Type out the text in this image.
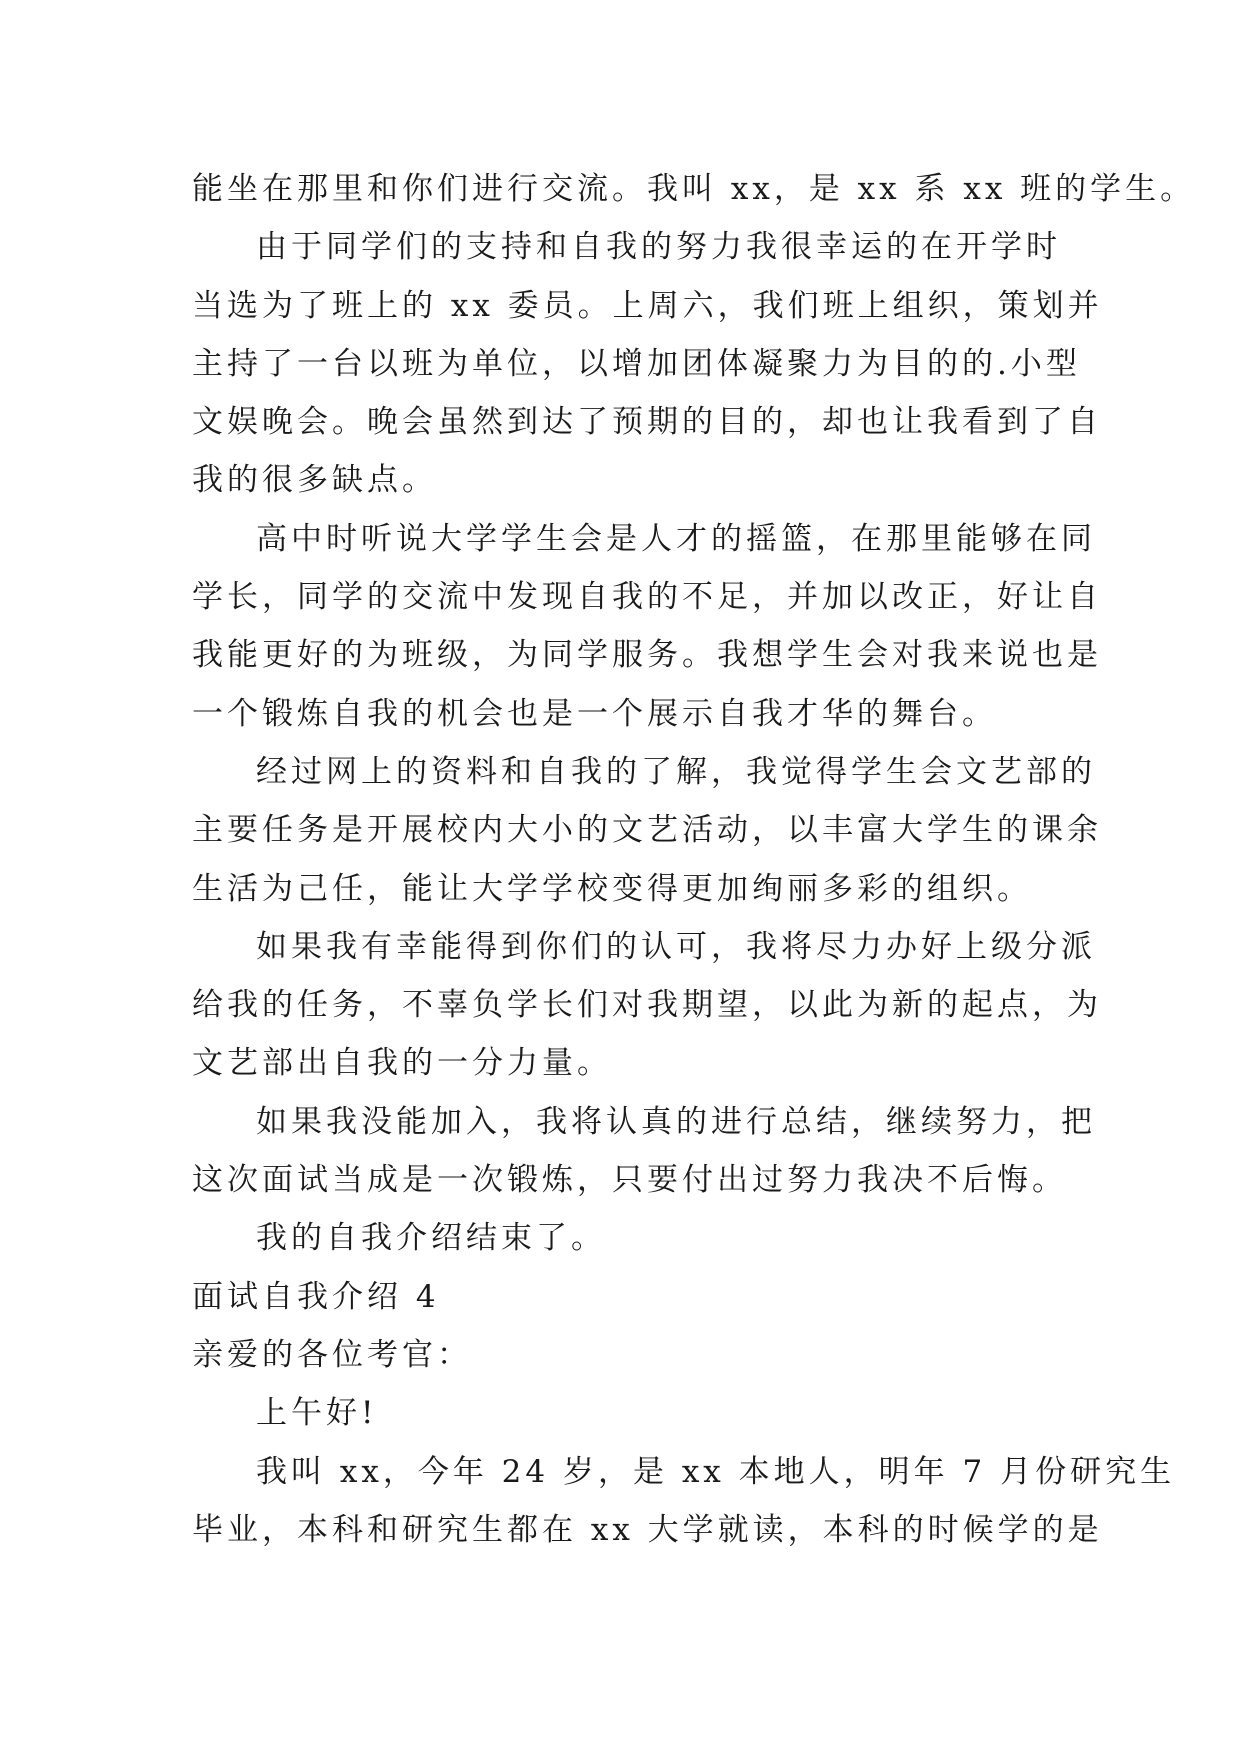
能坐在那里和你们进行交流。我叫 xx，是 xx 系 xx 班的学生。

由于同学们的支持和自我的努力我很幸运的在开学时

当选为了班上的 xx 委员。上周六，我们班上组织，策划并

主持了一台以班为单位，以增加团体凝聚力为目的的.小型

文娱晚会。晚会虽然到达了预期的目的，却也让我看到了自

我的很多缺点。

高中时听说大学学生会是人才的摇篮，在那里能够在同

学长，同学的交流中发现自我的不足，并加以改正，好让自

我能更好的为班级，为同学服务。我想学生会对我来说也是

一个锻炼自我的机会也是一个展示自我才华的舞台。

经过网上的资料和自我的了解，我觉得学生会文艺部的

主要任务是开展校内大小的文艺活动，以丰富大学生的课余

生活为己任，能让大学学校变得更加绚丽多彩的组织。

如果我有幸能得到你们的认可，我将尽力办好上级分派

给我的任务，不辜负学长们对我期望，以此为新的起点，为

文艺部出自我的一分力量。

如果我没能加入，我将认真的进行总结，继续努力，把

这次面试当成是一次锻炼，只要付出过努力我决不后悔。

我的自我介绍结束了。

面试自我介绍 4

亲爱的各位考官：

上午好!

我叫 xx，今年 24 岁，是 xx 本地人，明年 7 月份研究生

毕业，本科和研究生都在 xx 大学就读，本科的时候学的是
